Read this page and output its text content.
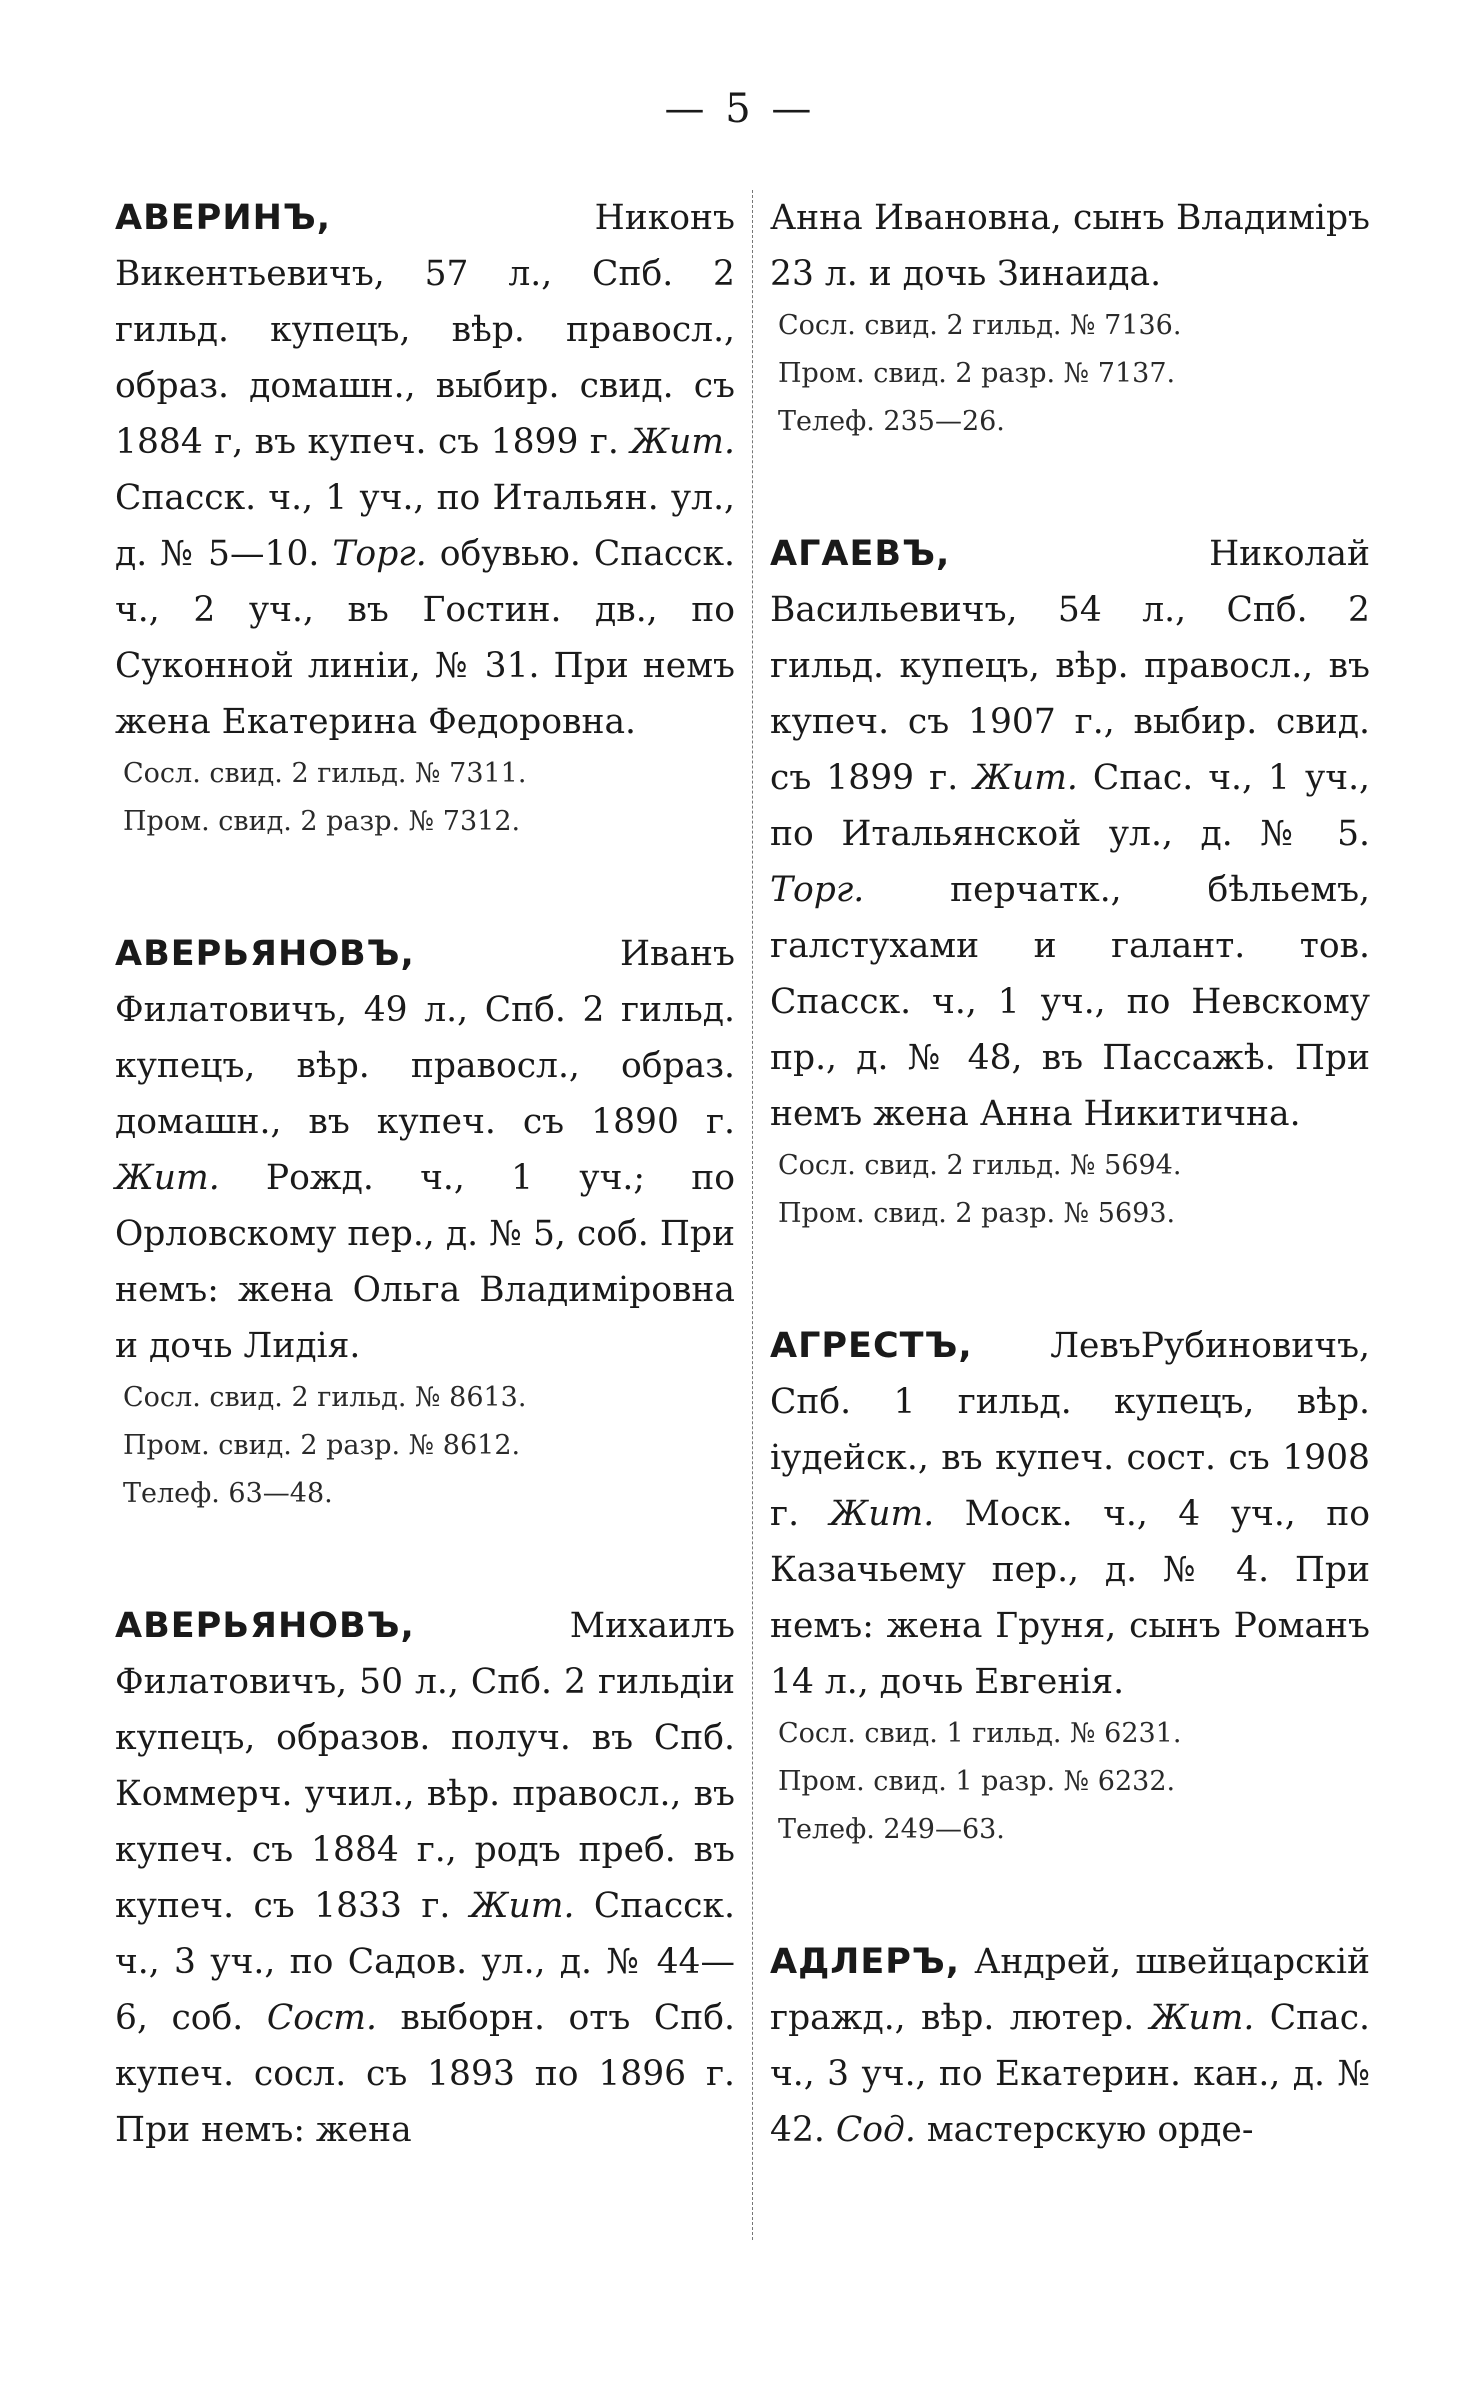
— 5 —

АВЕРИНЪ, Никонъ Викентьевичъ, 57 л., Спб. 2 гильд. купецъ, вѣр. правосл., образ. домашн., выбир. свид. съ 1884 г, въ купеч. съ 1899 г. Жит. Спасск. ч., 1 уч., по Итальян. ул., д. № 5—10. Торг. обувью. Спасск. ч., 2 уч., въ Гостин. дв., по Суконной линіи, № 31. При немъ жена Екатерина Федоровна.

Сосл. свид. 2 гильд. № 7311.

Пром. свид. 2 разр. № 7312.

АВЕРЬЯНОВЪ, Иванъ Филатовичъ, 49 л., Спб. 2 гильд. купецъ, вѣр. правосл., образ. домашн., въ купеч. съ 1890 г. Жит. Рожд. ч., 1 уч.; по Орловскому пер., д. № 5, соб. При немъ: жена Ольга Владиміровна и дочь Лидія.

Сосл. свид. 2 гильд. № 8613.

Пром. свид. 2 разр. № 8612.

Телеф. 63—48.

АВЕРЬЯНОВЪ, Михаилъ Филатовичъ, 50 л., Спб. 2 гильдіи купецъ, образов. получ. въ Спб. Коммерч. учил., вѣр. правосл., въ купеч. съ 1884 г., родъ преб. въ купеч. съ 1833 г. Жит. Спасск. ч., 3 уч., по Садов. ул., д. № 44—6, соб. Сост. выборн. отъ Спб. купеч. сосл. съ 1893 по 1896 г. При немъ: жена

Анна Ивановна, сынъ Владиміръ 23 л. и дочь Зинаида.

Сосл. свид. 2 гильд. № 7136.

Пром. свид. 2 разр. № 7137.

Телеф. 235—26.

АГАЕВЪ, Николай Васильевичъ, 54 л., Спб. 2 гильд. купецъ, вѣр. правосл., въ купеч. съ 1907 г., выбир. свид. съ 1899 г. Жит. Спас. ч., 1 уч., по Итальянской ул., д. № 5. Торг. перчатк., бѣльемъ, галстухами и галант. тов. Спасск. ч., 1 уч., по Невскому пр., д. № 48, въ Пассажѣ. При немъ жена Анна Никитична.

Сосл. свид. 2 гильд. № 5694.

Пром. свид. 2 разр. № 5693.

АГРЕСТЪ, ЛевъРубиновичъ, Спб. 1 гильд. купецъ, вѣр. іудейск., въ купеч. сост. съ 1908 г. Жит. Моск. ч., 4 уч., по Казачьему пер., д. № 4. При немъ: жена Груня, сынъ Романъ 14 л., дочь Евгенія.

Сосл. свид. 1 гильд. № 6231.

Пром. свид. 1 разр. № 6232.

Телеф. 249—63.

АДЛЕРЪ, Андрей, швейцарскій гражд., вѣр. лютер. Жит. Спас. ч., 3 уч., по Екатерин. кан., д. № 42. Сод. мастерскую орде-
